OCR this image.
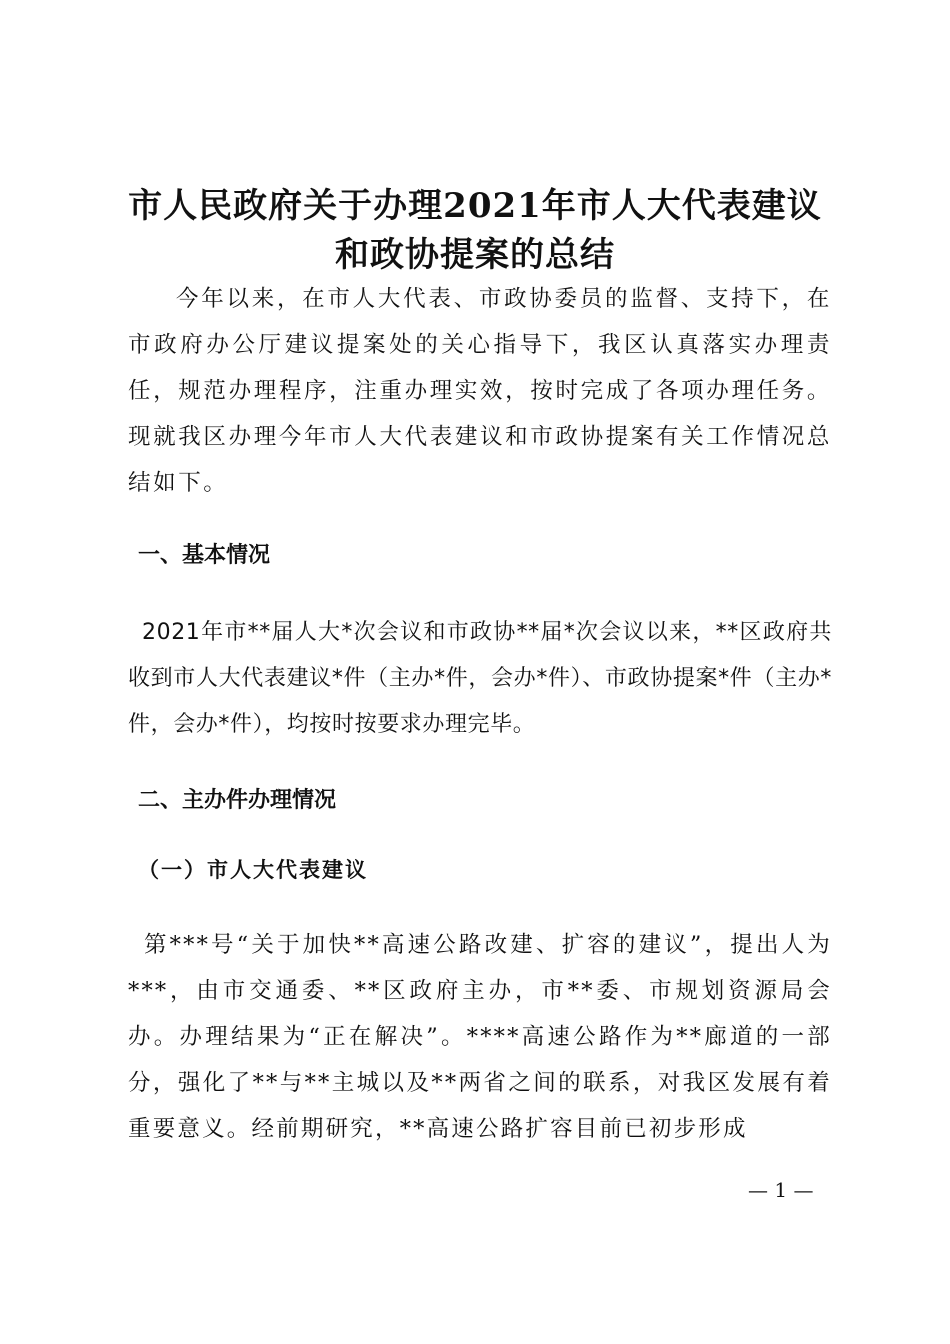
市人民政府关于办理2021年市人大代表建议
和政协提案的总结

今年以来，在市人大代表、市政协委员的监督、支持下，在市政府办公厅建议提案处的关心指导下，我区认真落实办理责任，规范办理程序，注重办理实效，按时完成了各项办理任务。现就我区办理今年市人大代表建议和市政协提案有关工作情况总结如下。

一、基本情况

2021年市**届人大*次会议和市政协**届*次会议以来，**区政府共收到市人大代表建议*件（主办*件，会办*件）、市政协提案*件（主办*件，会办*件），均按时按要求办理完毕。

二、主办件办理情况
（一）市人大代表建议

第***号“关于加快**高速公路改建、扩容的建议”，提出人为***，由市交通委、**区政府主办，市**委、市规划资源局会办。办理结果为“正在解决”。****高速公路作为**廊道的一部分，强化了**与**主城以及**两省之间的联系，对我区发展有着重要意义。经前期研究，**高速公路扩容目前已初步形成

— 1 —
